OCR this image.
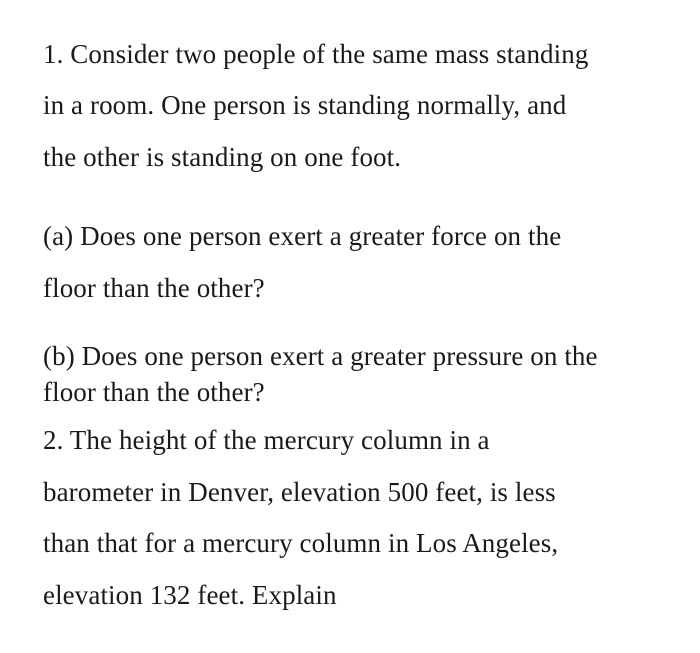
1. Consider two people of the same mass standing
in a room. One person is standing normally, and
the other is standing on one foot.
(a) Does one person exert a greater force on the
floor than the other?
(b) Does one person exert a greater pressure on the
floor than the other?
2. The height of the mercury column in a
barometer in Denver, elevation 500 feet, is less
than that for a mercury column in Los Angeles,
elevation 132 feet. Explain
